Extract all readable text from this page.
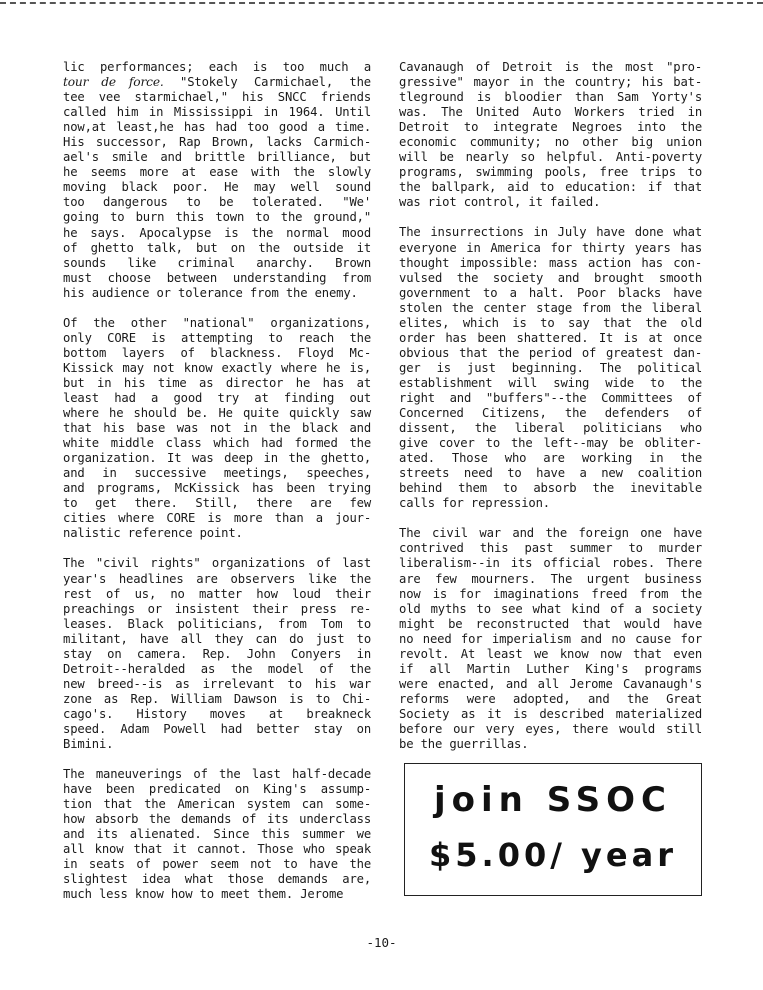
lic performances; each is too much a
tour de force. "Stokely Carmichael, the
tee vee starmichael," his SNCC friends
called him in Mississippi in 1964. Until
now,at least,he has had too good a time.
His successor, Rap Brown, lacks Carmich-
ael's smile and brittle brilliance, but
he seems more at ease with the slowly
moving black poor. He may well sound
too dangerous to be tolerated. "We'
going to burn this town to the ground,"
he says. Apocalypse is the normal mood
of ghetto talk, but on the outside it
sounds like criminal anarchy. Brown
must choose between understanding from
his audience or tolerance from the enemy.
Of the other "national" organizations,
only CORE is attempting to reach the
bottom layers of blackness. Floyd Mc-
Kissick may not know exactly where he is,
but in his time as director he has at
least had a good try at finding out
where he should be. He quite quickly saw
that his base was not in the black and
white middle class which had formed the
organization. It was deep in the ghetto,
and in successive meetings, speeches,
and programs, McKissick has been trying
to get there. Still, there are few
cities where CORE is more than a jour-
nalistic reference point.
The "civil rights" organizations of last
year's headlines are observers like the
rest of us, no matter how loud their
preachings or insistent their press re-
leases. Black politicians, from Tom to
militant, have all they can do just to
stay on camera. Rep. John Conyers in
Detroit--heralded as the model of the
new breed--is as irrelevant to his war
zone as Rep. William Dawson is to Chi-
cago's. History moves at breakneck
speed. Adam Powell had better stay on
Bimini.
The maneuverings of the last half-decade
have been predicated on King's assump-
tion that the American system can some-
how absorb the demands of its underclass
and its alienated. Since this summer we
all know that it cannot. Those who speak
in seats of power seem not to have the
slightest idea what those demands are,
much less know how to meet them. Jerome
Cavanaugh of Detroit is the most "pro-
gressive" mayor in the country; his bat-
tleground is bloodier than Sam Yorty's
was. The United Auto Workers tried in
Detroit to integrate Negroes into the
economic community; no other big union
will be nearly so helpful. Anti-poverty
programs, swimming pools, free trips to
the ballpark, aid to education: if that
was riot control, it failed.
The insurrections in July have done what
everyone in America for thirty years has
thought impossible: mass action has con-
vulsed the society and brought smooth
government to a halt. Poor blacks have
stolen the center stage from the liberal
elites, which is to say that the old
order has been shattered. It is at once
obvious that the period of greatest dan-
ger is just beginning. The political
establishment will swing wide to the
right and "buffers"--the Committees of
Concerned Citizens, the defenders of
dissent, the liberal politicians who
give cover to the left--may be obliter-
ated. Those who are working in the
streets need to have a new coalition
behind them to absorb the inevitable
calls for repression.
The civil war and the foreign one have
contrived this past summer to murder
liberalism--in its official robes. There
are few mourners. The urgent business
now is for imaginations freed from the
old myths to see what kind of a society
might be reconstructed that would have
no need for imperialism and no cause for
revolt. At least we know now that even
if all Martin Luther King's programs
were enacted, and all Jerome Cavanaugh's
reforms were adopted, and the Great
Society as it is described materialized
before our very eyes, there would still
be the guerrillas.
join SSOC
$5.00/ year
-10-
